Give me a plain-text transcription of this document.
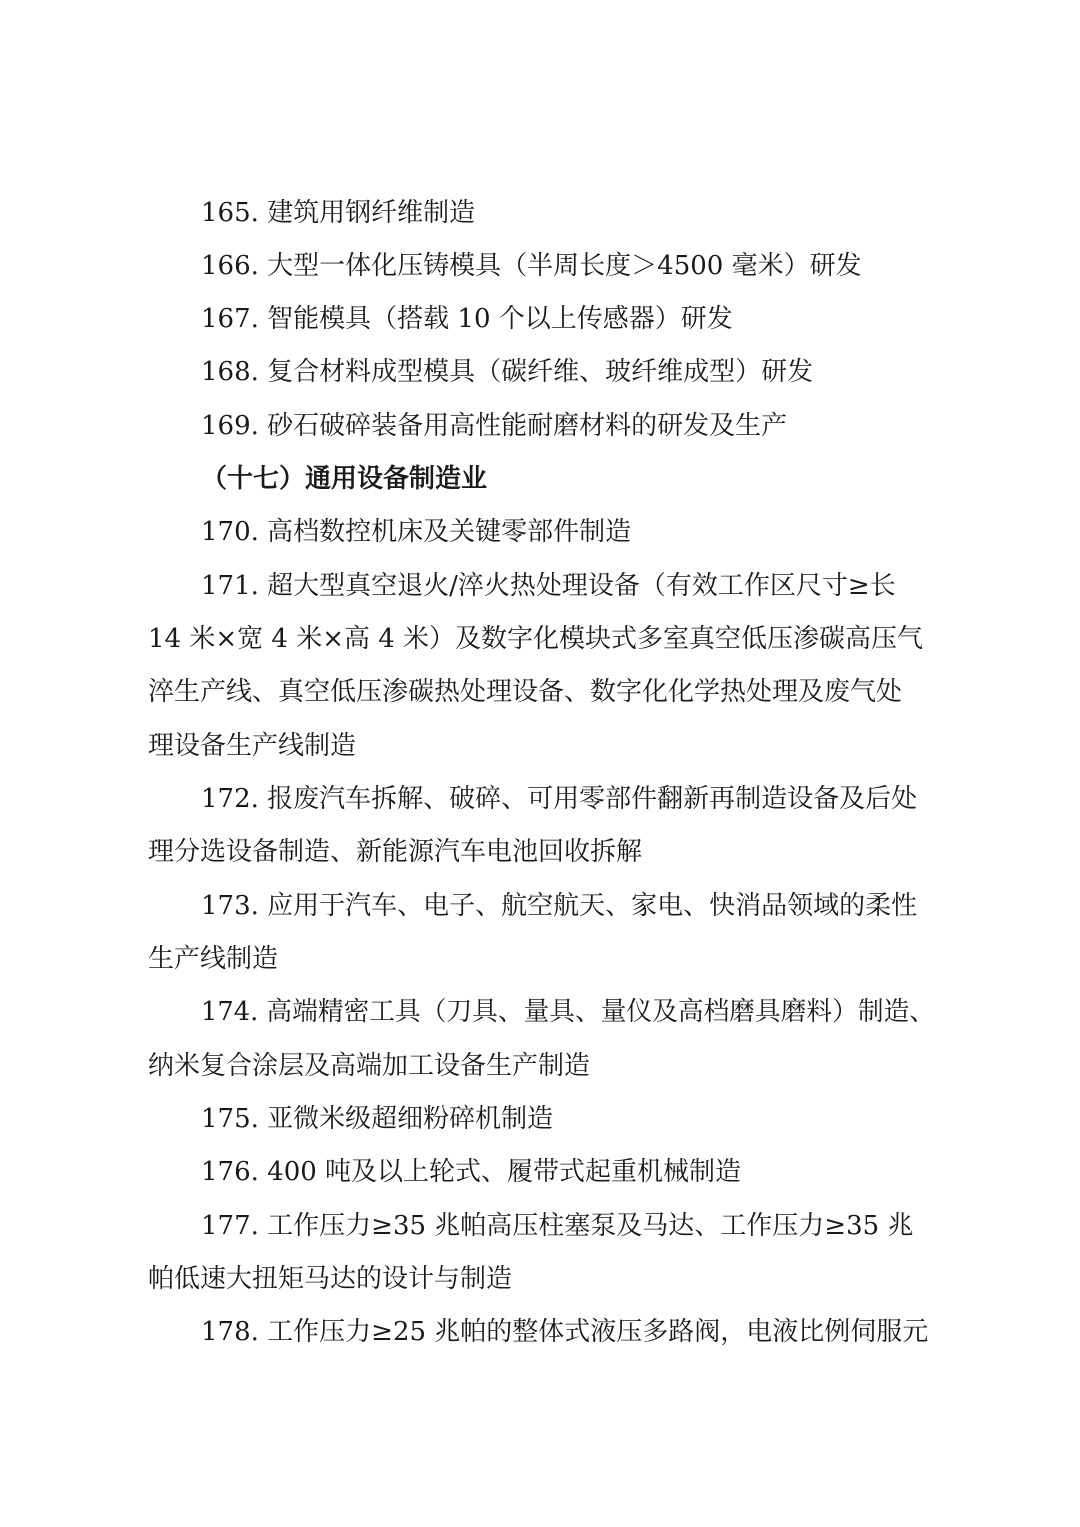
165. 建筑用钢纤维制造
166. 大型一体化压铸模具（半周长度＞4500 毫米）研发
167. 智能模具（搭载 10 个以上传感器）研发
168. 复合材料成型模具（碳纤维、玻纤维成型）研发
169. 砂石破碎装备用高性能耐磨材料的研发及生产
（十七）通用设备制造业
170. 高档数控机床及关键零部件制造
171. 超大型真空退火/淬火热处理设备（有效工作区尺寸≥长
14 米×宽 4 米×高 4 米）及数字化模块式多室真空低压渗碳高压气
淬生产线、真空低压渗碳热处理设备、数字化化学热处理及废气处
理设备生产线制造
172. 报废汽车拆解、破碎、可用零部件翻新再制造设备及后处
理分选设备制造、新能源汽车电池回收拆解
173. 应用于汽车、电子、航空航天、家电、快消品领域的柔性
生产线制造
174. 高端精密工具（刀具、量具、量仪及高档磨具磨料）制造、
纳米复合涂层及高端加工设备生产制造
175. 亚微米级超细粉碎机制造
176. 400 吨及以上轮式、履带式起重机械制造
177. 工作压力≥35 兆帕高压柱塞泵及马达、工作压力≥35 兆
帕低速大扭矩马达的设计与制造
178. 工作压力≥25 兆帕的整体式液压多路阀，电液比例伺服元
